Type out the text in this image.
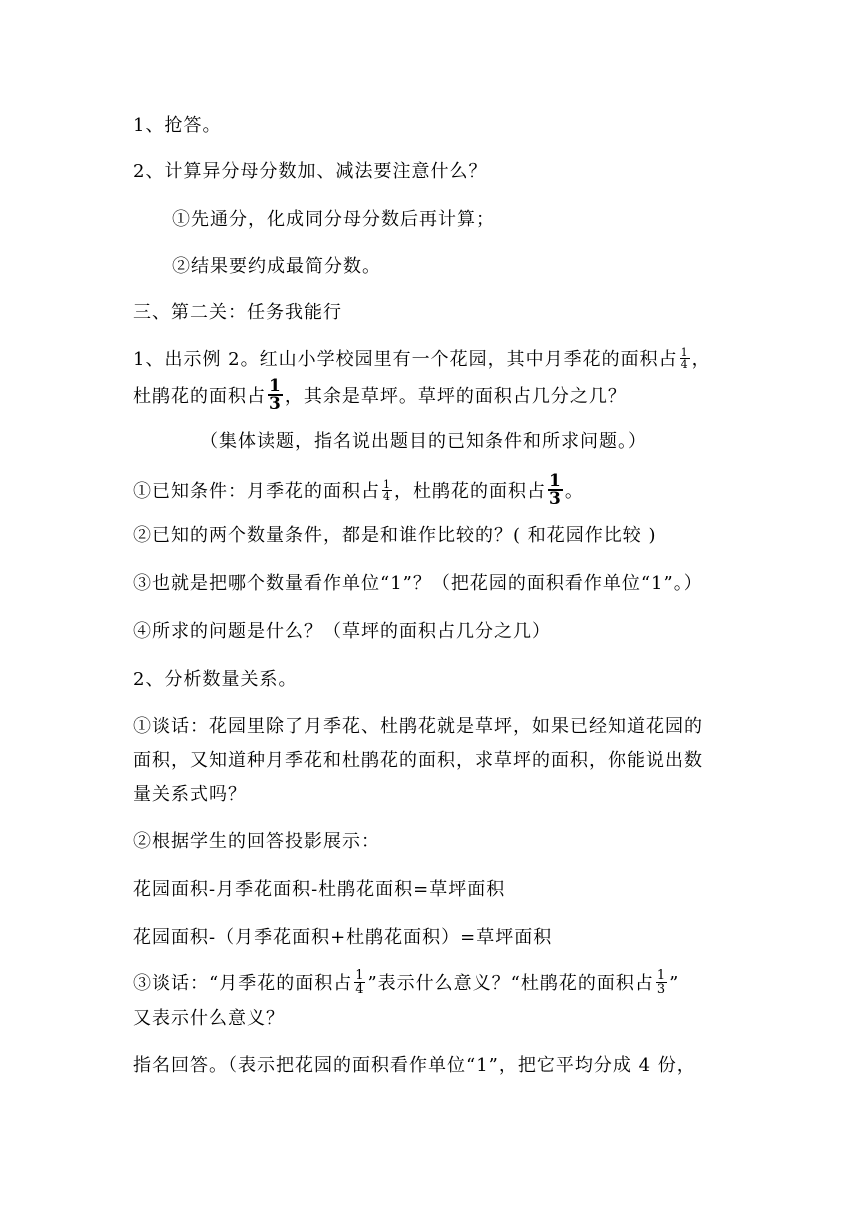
1、抢答。
2、计算异分母分数加、减法要注意什么？
①先通分，化成同分母分数后再计算；
②结果要约成最简分数。
三、第二关：任务我能行
1、出示例 2。红山小学校园里有一个花园，其中月季花的面积占 $\frac{1}{4}$ ，
杜鹃花的面积占 $\frac{1}{3}$ ，其余是草坪。草坪的面积占几分之几？
（集体读题，指名说出题目的已知条件和所求问题。）
①已知条件：月季花的面积占 $\frac{1}{4}$ ，杜鹃花的面积占 $\frac{1}{3}$ 。
②已知的两个数量条件，都是和谁作比较的？( 和花园作比较 )
③也就是把哪个数量看作单位“1”？（把花园的面积看作单位“1”。）
④所求的问题是什么？（草坪的面积占几分之几）
2、分析数量关系。
①谈话：花园里除了月季花、杜鹃花就是草坪，如果已经知道花园的
面积，又知道种月季花和杜鹃花的面积，求草坪的面积，你能说出数
量关系式吗？
②根据学生的回答投影展示：
花园面积-月季花面积-杜鹃花面积=草坪面积
花园面积-（月季花面积+杜鹃花面积）=草坪面积
③谈话：“月季花的面积占 $\frac{1}{4}$ ”表示什么意义？“杜鹃花的面积占 $\frac{1}{3}$ ”
又表示什么意义？
指名回答。（表示把花园的面积看作单位“1”，把它平均分成 4 份，
